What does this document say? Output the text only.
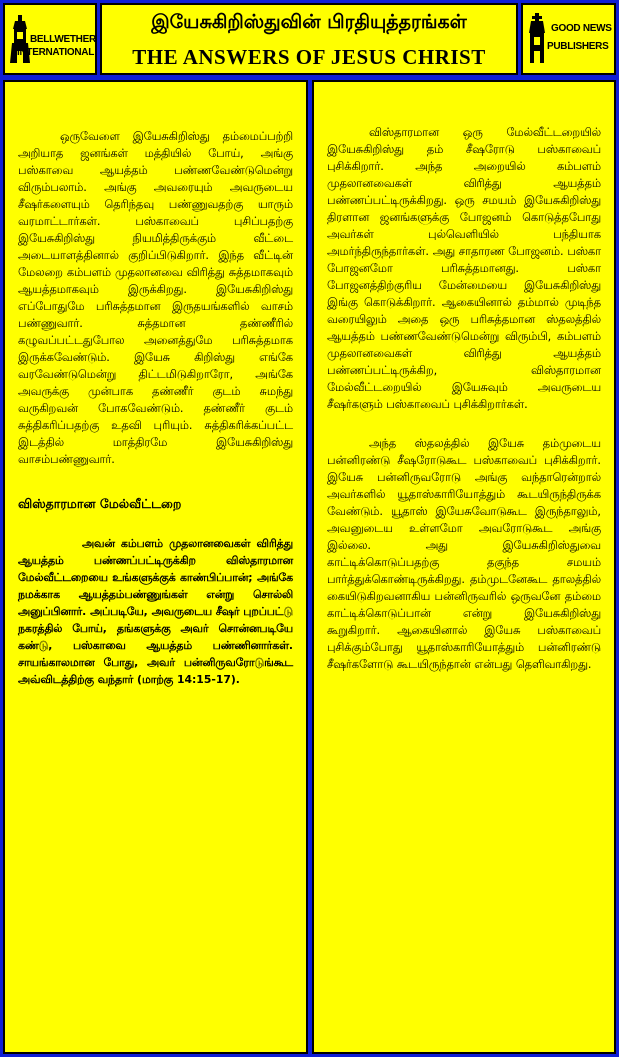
BELLWETHER
INTERNATIONAL
இயேசுகிறிஸ்துவின் பிரதியுத்தரங்கள்
THE ANSWERS OF JESUS CHRIST
GOOD NEWS
PUBLISHERS

ஒருவேளை இயேசுகிறிஸ்து தம்மைப்பற்றி அறியாத ஜனங்கள் மத்தியில் போய், அங்கு பஸ்காவை ஆயத்தம் பண்ணவேண்டுமென்று விரும்பலாம். அங்கு அவரையும் அவருடைய சீஷர்களையும் தெரிந்தவு பண்ணுவதற்கு யாரும் வரமாட்டார்கள். பஸ்காவைப் புசிப்பதற்கு இயேசுகிறிஸ்து நியமித்திருக்கும் வீட்டை அடையாளத்தினால் குறிப்பிடுகிறார். இந்த வீட்டின் மேலறை கம்பளம் முதலானவை விரித்து சுத்தமாகவும் ஆயத்தமாகவும் இருக்கிறது. இயேசுகிறிஸ்து எப்போதுமே பரிசுத்தமான இருதயங்களில் வாசம் பண்ணுவார். சுத்தமான தண்ணீரில் கழுவப்பட்டதுபோல அனைத்துமே பரிசுத்தமாக இருக்கவேண்டும். இயேசு கிறிஸ்து எங்கே வரவேண்டுமென்று திட்டமிடுகிறாரோ, அங்கே அவருக்கு முன்பாக தண்ணீர் குடம் சுமந்து வருகிறவன் போகவேண்டும். தண்ணீர் குடம் சுத்திகரிப்பதற்கு உதவி புரியும். சுத்திகரிக்கப்பட்ட இடத்தில் மாத்திரமே இயேசுகிறிஸ்து வாசம்பண்ணுவார்.

விஸ்தாரமான மேல்வீட்டறை

அவன் கம்பளம் முதலானவைகள் விரித்து ஆயத்தம் பண்ணப்பட்டிருக்கிற விஸ்தாரமான மேல்வீட்டறையை உங்களுக்குக் காண்பிப்பான்; அங்கே நமக்காக ஆயத்தம்பண்ணுங்கள் என்று சொல்லி அனுப்பினார். அப்படியே, அவருடைய சீஷர் புறப்பட்டு நகரத்தில் போய், தங்களுக்கு அவர் சொன்னபடியே கண்டு, பஸ்காவை ஆயத்தம் பண்ணினார்கள். சாயங்காலமான போது, அவர் பன்னிருவரோடுங்கூட அவ்விடத்திற்கு வந்தார் (மாற்கு 14:15-17).

விஸ்தாரமான ஒரு மேல்வீட்டறையில் இயேசுகிறிஸ்து தம் சீஷரோடு பஸ்காவைப் புசிக்கிறார். அந்த அறையில் கம்பளம் முதலானவைகள் விரித்து ஆயத்தம் பண்ணப்பட்டிருக்கிறது. ஒரு சமயம் இயேசுகிறிஸ்து திரளான ஜனங்களுக்கு போஜனம் கொடுத்தபோது அவர்கள் புல்வெளியில் பந்தியாக அமர்ந்திருந்தார்கள். அது சாதாரண போஜனம். பஸ்கா போஜனமோ பரிசுத்தமானது. பஸ்கா போஜனத்திற்குரிய மேன்மையை இயேசுகிறிஸ்து இங்கு கொடுக்கிறார். ஆகையினால் தம்மால் முடிந்த வரையிலும் அதை ஒரு பரிசுத்தமான ஸ்தலத்தில் ஆயத்தம் பண்ணவேண்டுமென்று விரும்பி, கம்பளம் முதலானவைகள் விரித்து ஆயத்தம் பண்ணப்பட்டிருக்கிற, விஸ்தாரமான மேல்வீட்டறையில் இயேசுவும் அவருடைய சீஷர்களும் பஸ்காவைப் புசிக்கிறார்கள்.

அந்த ஸ்தலத்தில் இயேசு தம்முடைய பன்னிரண்டு சீஷரோடுகூட பஸ்காவைப் புசிக்கிறார். இயேசு பன்னிருவரோடு அங்கு வந்தாரென்றால் அவர்களில் யூதாஸ்காரியோத்தும் கூடயிருந்திருக்க வேண்டும். யூதாஸ் இயேசுவோடுகூட இருந்தாலும், அவனுடைய உள்ளமோ அவரோடுகூட அங்கு இல்லை. அது இயேசுகிறிஸ்துவை காட்டிக்கொடுப்பதற்கு தகுந்த சமயம் பார்த்துக்கொண்டிருக்கிறது. தம்முடனேகூட தாலத்தில் கையிடுகிறவனாகிய பன்னிருவரில் ஒருவனே தம்மை காட்டிக்கொடுப்பான் என்று இயேசுகிறிஸ்து கூறுகிறார். ஆகையினால் இயேசு பஸ்காவைப் புசிக்கும்போது யூதாஸ்காரியோத்தும் பன்னிரண்டு சீஷர்களோடு கூடயிருந்தான் என்பது தெளிவாகிறது.
